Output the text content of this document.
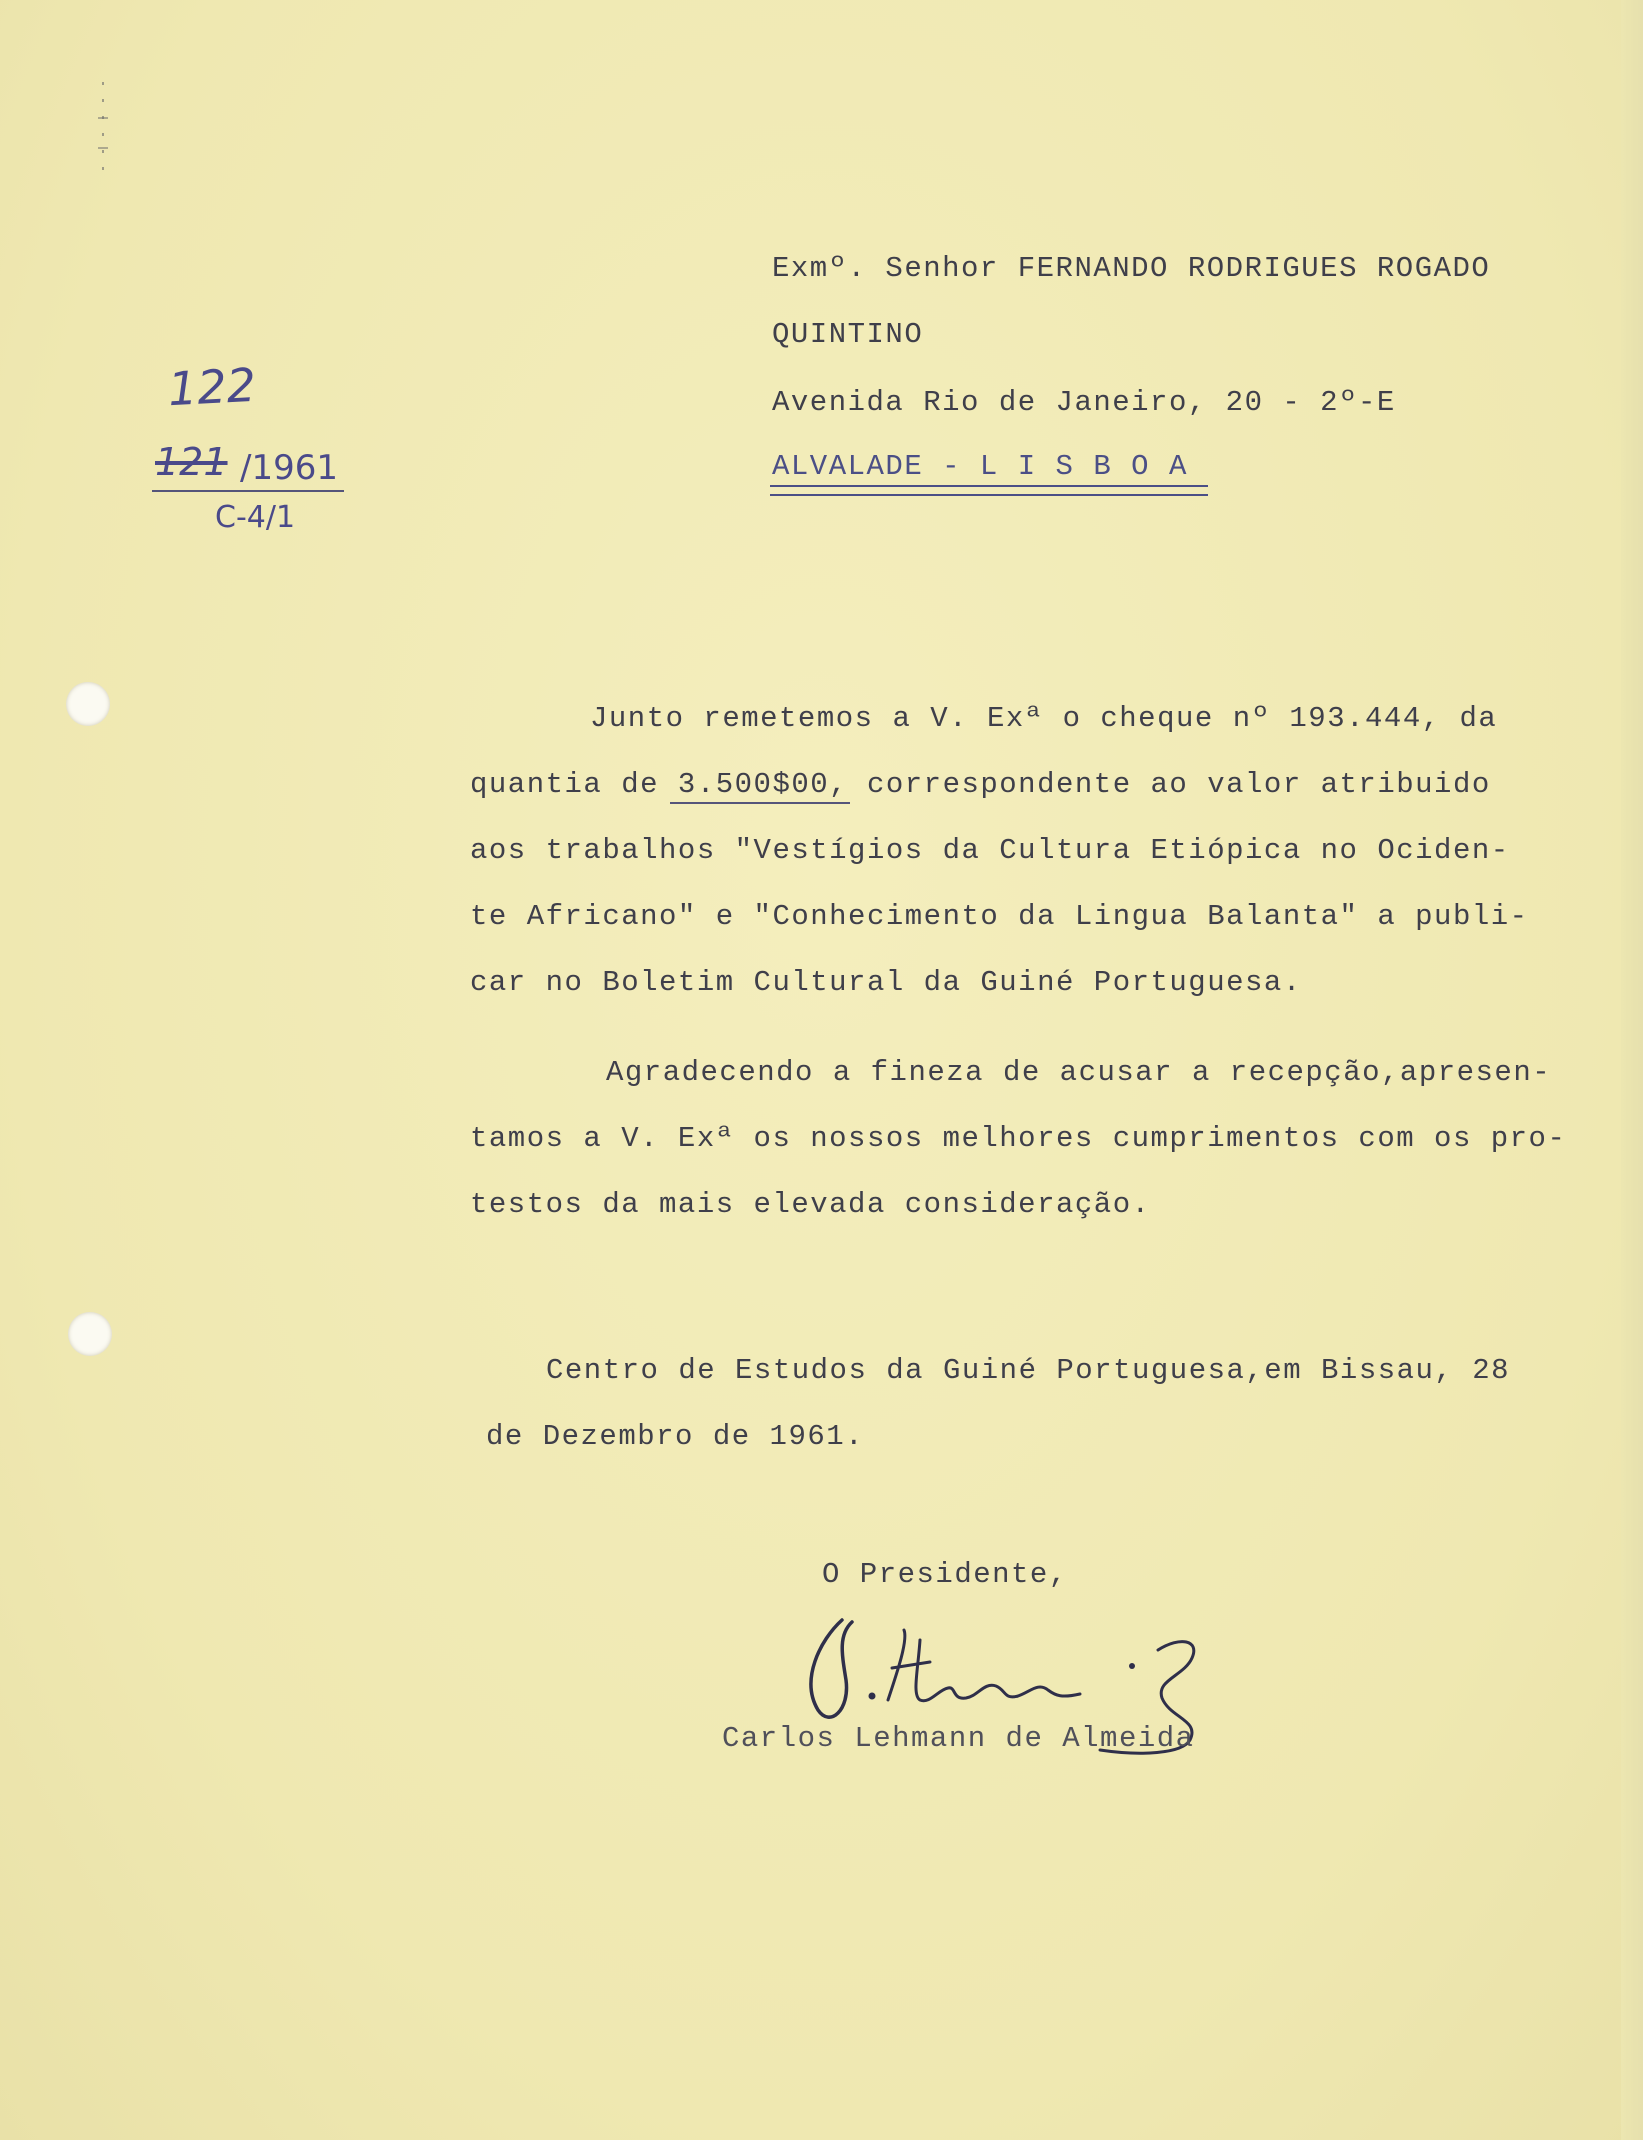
122
121 /1961
C-4/1
Exmº. Senhor FERNANDO RODRIGUES ROGADO
QUINTINO
Avenida Rio de Janeiro, 20 - 2º-E
ALVALADE - L I S B O A
Junto remetemos a V. Exª o cheque nº 193.444, da
quantia de 3.500$00, correspondente ao valor atribuido
aos trabalhos "Vestígios da Cultura Etiópica no Ociden-
te Africano" e "Conhecimento da Lingua Balanta" a publi-
car no Boletim Cultural da Guiné Portuguesa.
Agradecendo a fineza de acusar a recepção,apresen-
tamos a V. Exª os nossos melhores cumprimentos com os pro-
testos da mais elevada consideração.
Centro de Estudos da Guiné Portuguesa,em Bissau, 28
de Dezembro de 1961.
O Presidente,
Carlos Lehmann de Almeida
